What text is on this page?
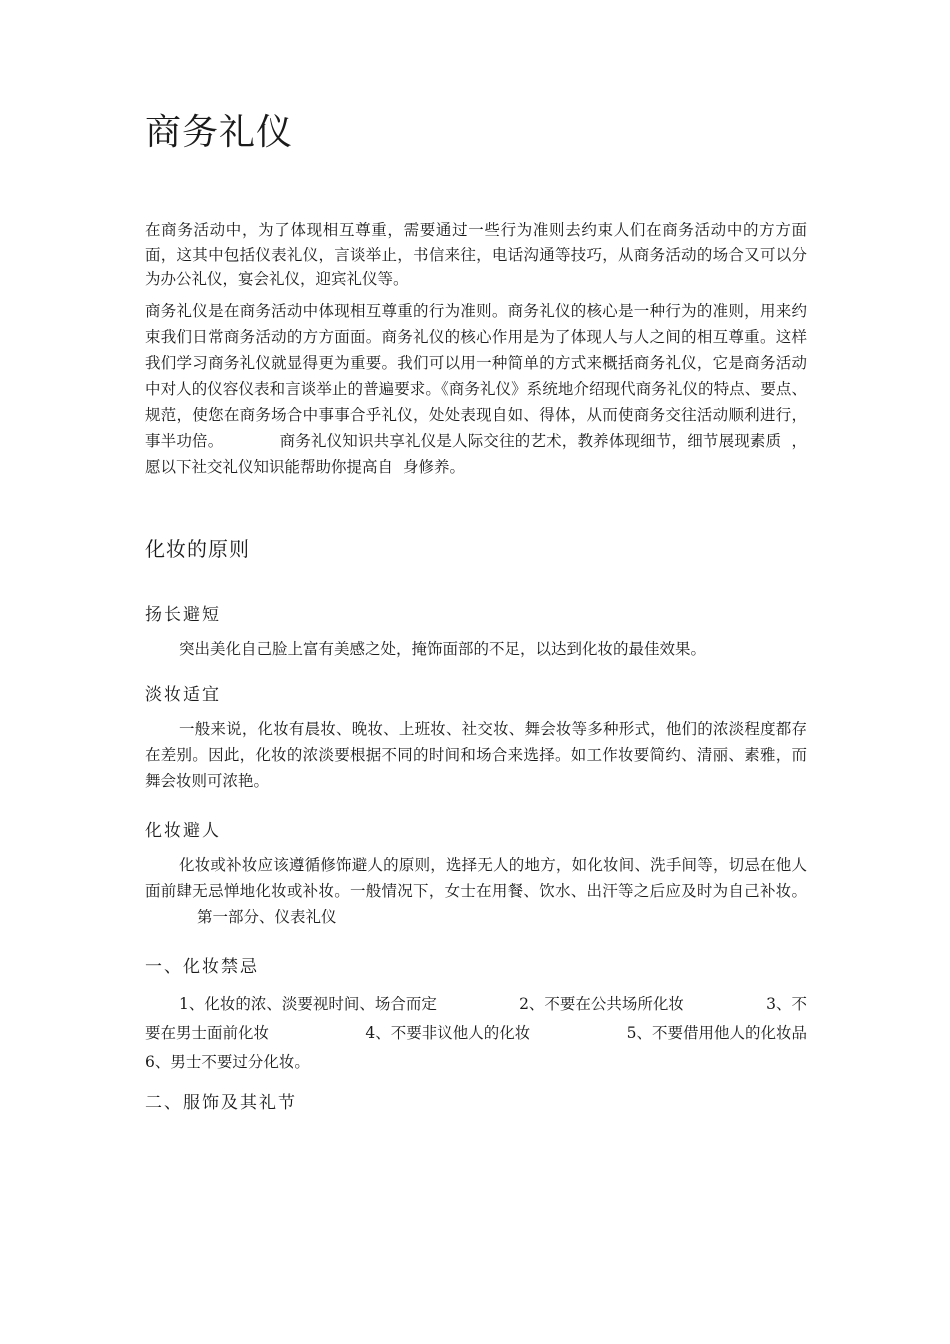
商务礼仪

在商务活动中，为了体现相互尊重，需要通过一些行为准则去约束人们在商务活动中的方方面面，这其中包括仪表礼仪，言谈举止，书信来往，电话沟通等技巧，从商务活动的场合又可以分为办公礼仪，宴会礼仪，迎宾礼仪等。

商务礼仪是在商务活动中体现相互尊重的行为准则。商务礼仪的核心是一种行为的准则，用来约束我们日常商务活动的方方面面。商务礼仪的核心作用是为了体现人与人之间的相互尊重。这样我们学习商务礼仪就显得更为重要。我们可以用一种简单的方式来概括商务礼仪，它是商务活动中对人的仪容仪表和言谈举止的普遍要求。《商务礼仪》系统地介绍现代商务礼仪的特点、要点、规范，使您在商务场合中事事合乎礼仪，处处表现自如、得体，从而使商务交往活动顺利进行，事半功倍。	商务礼仪知识共享礼仪是人际交往的艺术，教养体现细节，细节展现素质 ，愿以下社交礼仪知识能帮助你提高自 身修养。

化妆的原则
扬长避短

突出美化自己脸上富有美感之处，掩饰面部的不足，以达到化妆的最佳效果。

淡妆适宜

一般来说，化妆有晨妆、晚妆、上班妆、社交妆、舞会妆等多种形式，他们的浓淡程度都存在差别。因此，化妆的浓淡要根据不同的时间和场合来选择。如工作妆要简约、清丽、素雅，而舞会妆则可浓艳。

化妆避人

化妆或补妆应该遵循修饰避人的原则，选择无人的地方，如化妆间、洗手间等，切忌在他人面前肆无忌惮地化妆或补妆。一般情况下，女士在用餐、饮水、出汗等之后应及时为自己补妆。第一部分、仪表礼仪

一、化妆禁忌
1、化妆的浓、淡要视时间、场合而定	2、不要在公共场所化妆	3、不
要在男士面前化妆	4、不要非议他人的化妆	5、不要借用他人的化妆品
6、男士不要过分化妆。
二、服饰及其礼节
